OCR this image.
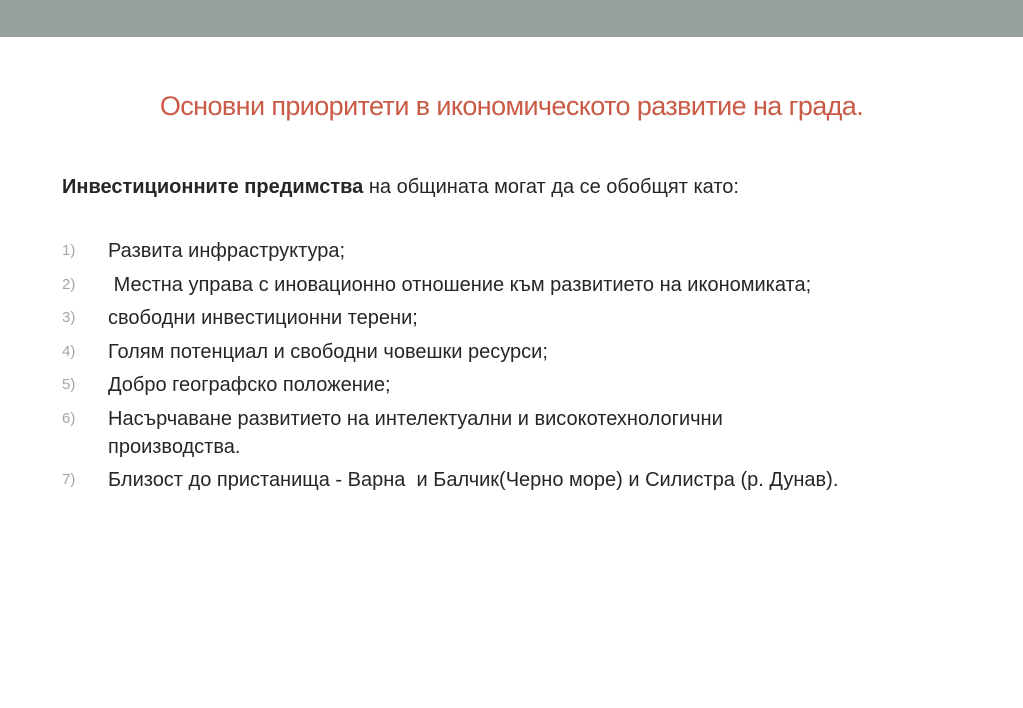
Основни приоритети в икономическото развитие на града.
Инвестиционните предимства на общината могат да се обобщят като:
1) Развита инфраструктура;
2) Местна управа с иновационно отношение към развитието на икономиката;
3) свободни инвестиционни терени;
4) Голям потенциал и свободни човешки ресурси;
5) Добро географско положение;
6) Насърчаване развитието на интелектуални и високотехнологични производства.
7) Близост до пристанища - Варна  и Балчик(Черно море) и Силистра (р. Дунав).
